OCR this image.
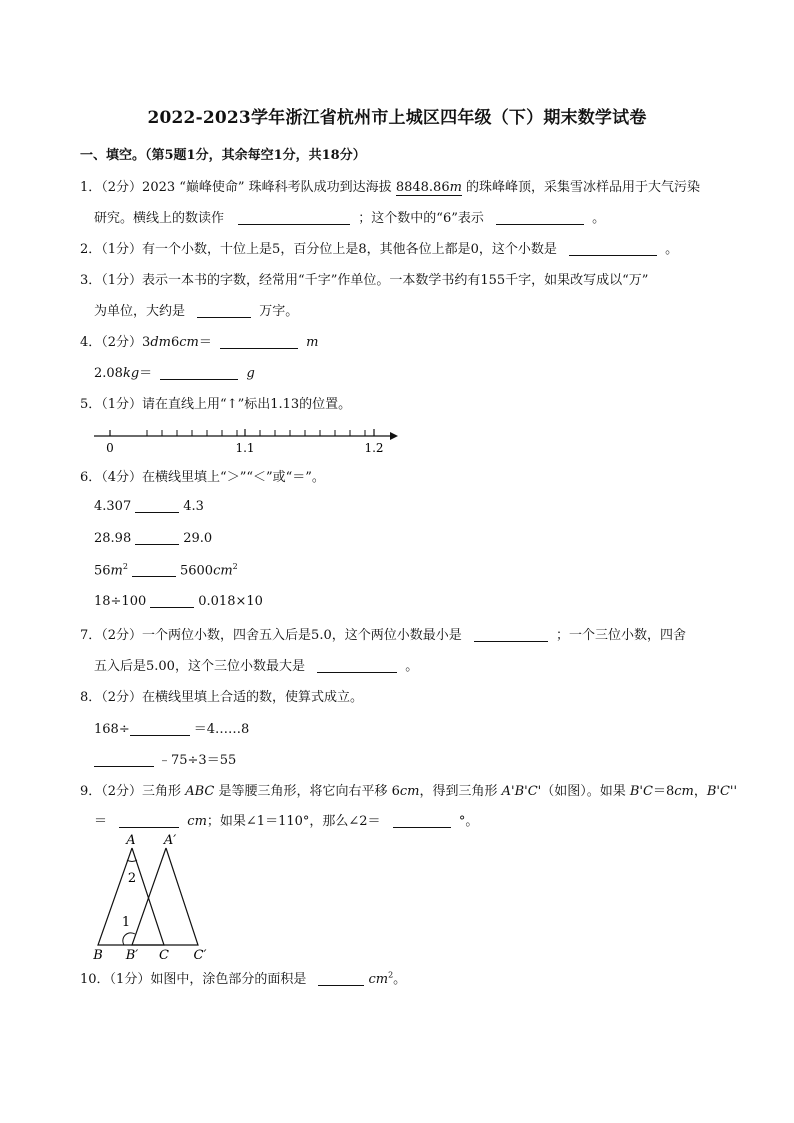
2022-2023学年浙江省杭州市上城区四年级（下）期末数学试卷
一、填空。（第5题1分，其余每空1分，共18分）
1．（2分）2023 “巅峰使命” 珠峰科考队成功到达海拔 8848.86m 的珠峰峰顶，采集雪冰样品用于大气污染
研究。横线上的数读作	；这个数中的“6”表示	。
2．（1分）有一个小数，十位上是5，百分位上是8，其他各位上都是0，这个小数是	。
3．（1分）表示一本书的字数，经常用“千字”作单位。一本数学书约有155千字，如果改写成以“万”
为单位，大约是	万字。
4．（2分）3dm6cm＝	m
2.08kg＝	g
5．（1分）请在直线上用“↑”标出1.13的位置。
0	1.1	1.2
6．（4分）在横线里填上“＞”“＜”或“＝”。
4.307	4.3
28.98	29.0
$56m^2$	$5600cm^2$
18÷100	0.018×10
7．（2分）一个两位小数，四舍五入后是5.0，这个两位小数最小是	；一个三位小数，四舍
五入后是5.00，这个三位小数最大是	。
8．（2分）在横线里填上合适的数，使算式成立。
168÷	＝4……8
﹣75÷3＝55
9．（2分）三角形 ABC 是等腰三角形，将它向右平移 6cm，得到三角形 A'B'C'（如图）。如果 B'C＝8cm，B'C''
＝	cm；如果∠1＝110°，那么∠2＝	°。
A A′
2
1
B B′ C C′
10．（1分）如图中，涂色部分的面积是	$cm^2$。
